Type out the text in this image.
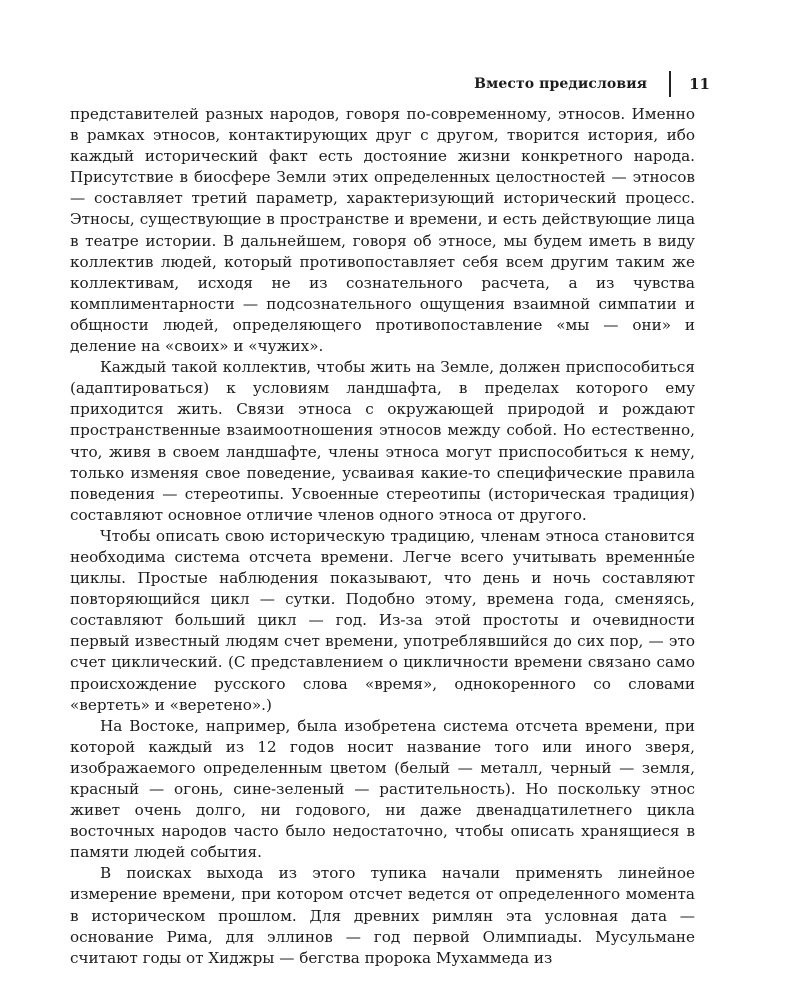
Вместо предисловия	11

представителей разных народов, говоря по-современному, этносов. Именно в рамках этносов, контактирующих друг с другом, творится история, ибо каждый исторический факт есть достояние жизни конкретного народа. Присутствие в биосфере Земли этих определенных целостностей — этносов — составляет третий параметр, характеризующий исторический процесс. Этносы, существующие в пространстве и времени, и есть действующие лица в театре истории. В дальнейшем, говоря об этносе, мы будем иметь в виду коллектив людей, который противопоставляет себя всем другим таким же коллективам, исходя не из сознательного расчета, а из чувства комплиментарности — подсознательного ощущения взаимной симпатии и общности людей, определяющего противопоставление «мы — они» и деление на «своих» и «чужих».

Каждый такой коллектив, чтобы жить на Земле, должен приспособиться (адаптироваться) к условиям ландшафта, в пределах которого ему приходится жить. Связи этноса с окружающей природой и рождают пространственные взаимоотношения этносов между собой. Но естественно, что, живя в своем ландшафте, члены этноса могут приспособиться к нему, только изменяя свое поведение, усваивая какие-то специфические правила поведения — стереотипы. Усвоенные стереотипы (историческая традиция) составляют основное отличие членов одного этноса от другого.

Чтобы описать свою историческую традицию, членам этноса становится необходима система отсчета времени. Легче всего учитывать временны́е циклы. Простые наблюдения показывают, что день и ночь составляют повторяющийся цикл — сутки. Подобно этому, времена года, сменяясь, составляют больший цикл — год. Из-за этой простоты и очевидности первый известный людям счет времени, употреблявшийся до сих пор, — это счет циклический. (С представлением о цикличности времени связано само происхождение русского слова «время», однокоренного со словами «вертеть» и «веретено».)

На Востоке, например, была изобретена система отсчета времени, при которой каждый из 12 годов носит название того или иного зверя, изображаемого определенным цветом (белый — металл, черный — земля, красный — огонь, сине-зеленый — растительность). Но поскольку этнос живет очень долго, ни годового, ни даже двенадцатилетнего цикла восточных народов часто было недостаточно, чтобы описать хранящиеся в памяти людей события.

В поисках выхода из этого тупика начали применять линейное измерение времени, при котором отсчет ведется от определенного момента в историческом прошлом. Для древних римлян эта условная дата — основание Рима, для эллинов — год первой Олимпиады. Мусульмане считают годы от Хиджры — бегства пророка Мухаммеда из
